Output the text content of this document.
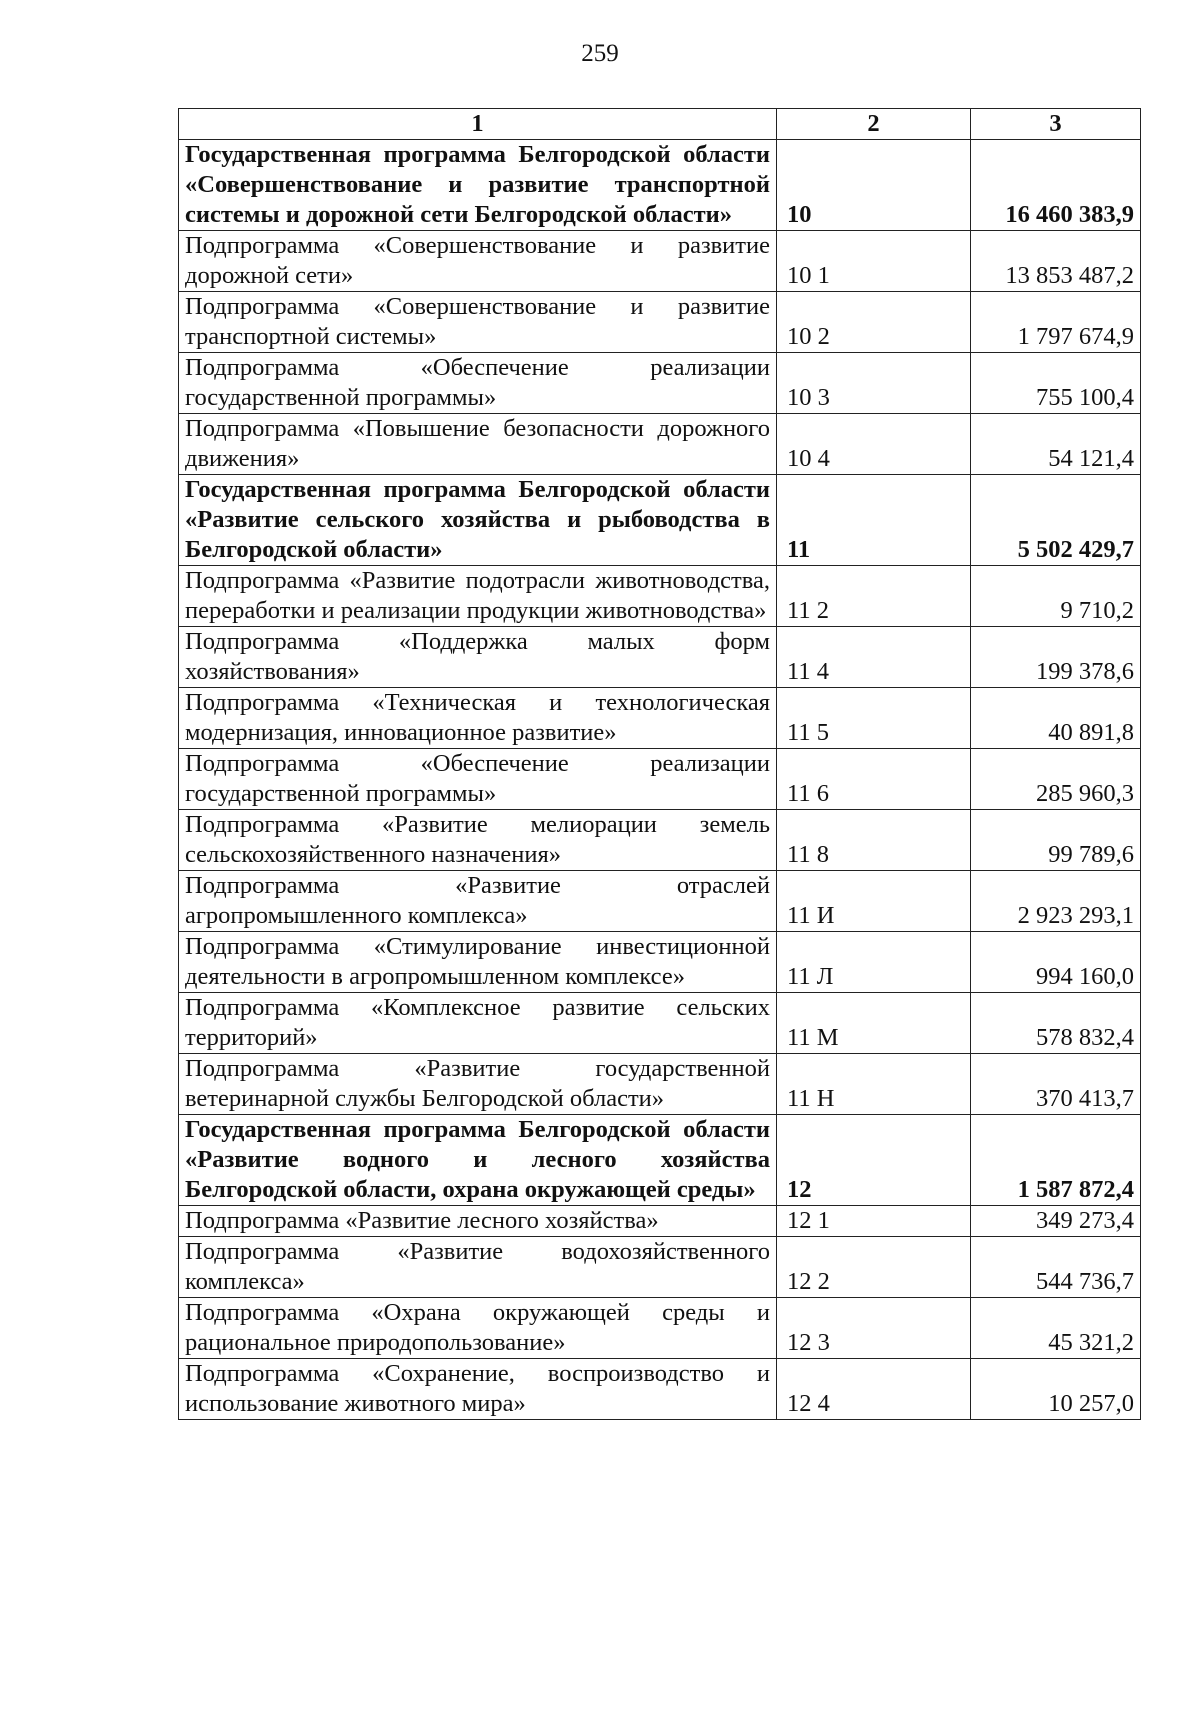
259
1	2	3
Государственная программа Белгородской области «Совершенствование и развитие транспортной системы и дорожной сети Белгородской области»	10	16 460 383,9
Подпрограмма «Совершенствование и развитие дорожной сети»	10 1	13 853 487,2
Подпрограмма «Совершенствование и развитие транспортной системы»	10 2	1 797 674,9
Подпрограмма «Обеспечение реализации государственной программы»	10 3	755 100,4
Подпрограмма «Повышение безопасности дорожного движения»	10 4	54 121,4
Государственная программа Белгородской области «Развитие сельского хозяйства и рыбоводства в Белгородской области»	11	5 502 429,7
Подпрограмма «Развитие подотрасли животноводства, переработки и реализации продукции животноводства»	11 2	9 710,2
Подпрограмма «Поддержка малых форм хозяйствования»	11 4	199 378,6
Подпрограмма «Техническая и технологическая модернизация, инновационное развитие»	11 5	40 891,8
Подпрограмма «Обеспечение реализации государственной программы»	11 6	285 960,3
Подпрограмма «Развитие мелиорации земель сельскохозяйственного назначения»	11 8	99 789,6
Подпрограмма «Развитие отраслей агропромышленного комплекса»	11 И	2 923 293,1
Подпрограмма «Стимулирование инвестиционной деятельности в агропромышленном комплексе»	11 Л	994 160,0
Подпрограмма «Комплексное развитие сельских территорий»	11 М	578 832,4
Подпрограмма «Развитие государственной ветеринарной службы Белгородской области»	11 Н	370 413,7
Государственная программа Белгородской области «Развитие водного и лесного хозяйства Белгородской области, охрана окружающей среды»	12	1 587 872,4
Подпрограмма «Развитие лесного хозяйства»	12 1	349 273,4
Подпрограмма «Развитие водохозяйственного комплекса»	12 2	544 736,7
Подпрограмма «Охрана окружающей среды и рациональное природопользование»	12 3	45 321,2
Подпрограмма «Сохранение, воспроизводство и использование животного мира»	12 4	10 257,0
